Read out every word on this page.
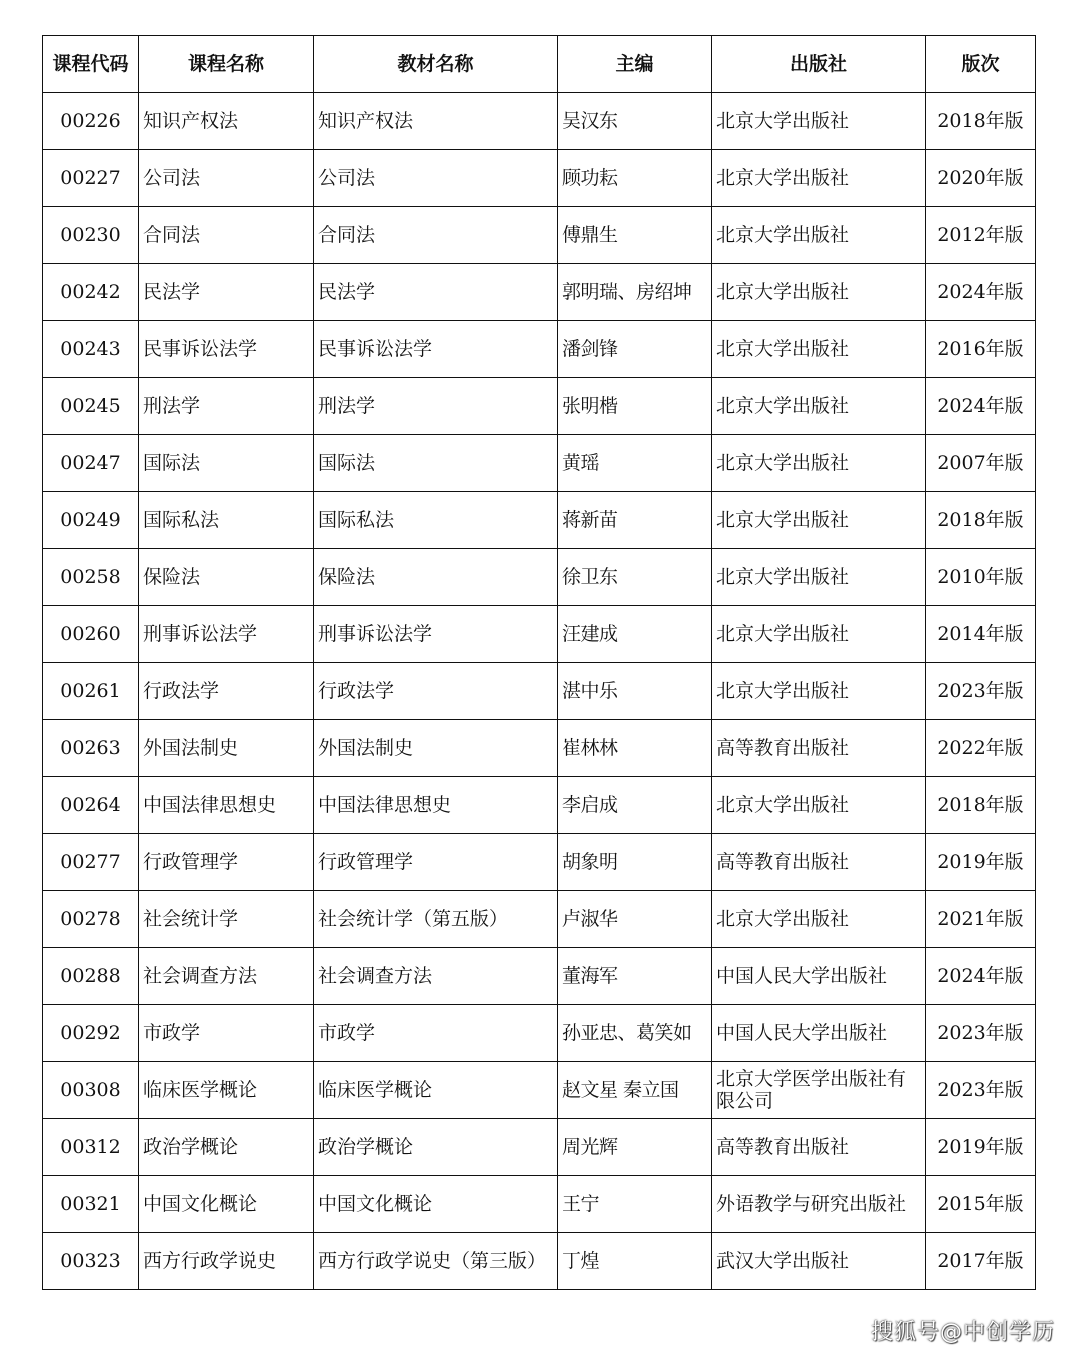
课程代码	课程名称	教材名称	主编	出版社	版次
00226	知识产权法	知识产权法	吴汉东	北京大学出版社	2018年版
00227	公司法	公司法	顾功耘	北京大学出版社	2020年版
00230	合同法	合同法	傅鼎生	北京大学出版社	2012年版
00242	民法学	民法学	郭明瑞、房绍坤	北京大学出版社	2024年版
00243	民事诉讼法学	民事诉讼法学	潘剑锋	北京大学出版社	2016年版
00245	刑法学	刑法学	张明楷	北京大学出版社	2024年版
00247	国际法	国际法	黄瑶	北京大学出版社	2007年版
00249	国际私法	国际私法	蒋新苗	北京大学出版社	2018年版
00258	保险法	保险法	徐卫东	北京大学出版社	2010年版
00260	刑事诉讼法学	刑事诉讼法学	汪建成	北京大学出版社	2014年版
00261	行政法学	行政法学	湛中乐	北京大学出版社	2023年版
00263	外国法制史	外国法制史	崔林林	高等教育出版社	2022年版
00264	中国法律思想史	中国法律思想史	李启成	北京大学出版社	2018年版
00277	行政管理学	行政管理学	胡象明	高等教育出版社	2019年版
00278	社会统计学	社会统计学（第五版）	卢淑华	北京大学出版社	2021年版
00288	社会调查方法	社会调查方法	董海军	中国人民大学出版社	2024年版
00292	市政学	市政学	孙亚忠、葛笑如	中国人民大学出版社	2023年版
00308	临床医学概论	临床医学概论	赵文星 秦立国	北京大学医学出版社有限公司	2023年版
00312	政治学概论	政治学概论	周光辉	高等教育出版社	2019年版
00321	中国文化概论	中国文化概论	王宁	外语教学与研究出版社	2015年版
00323	西方行政学说史	西方行政学说史（第三版）	丁煌	武汉大学出版社	2017年版
搜狐号@中创学历
